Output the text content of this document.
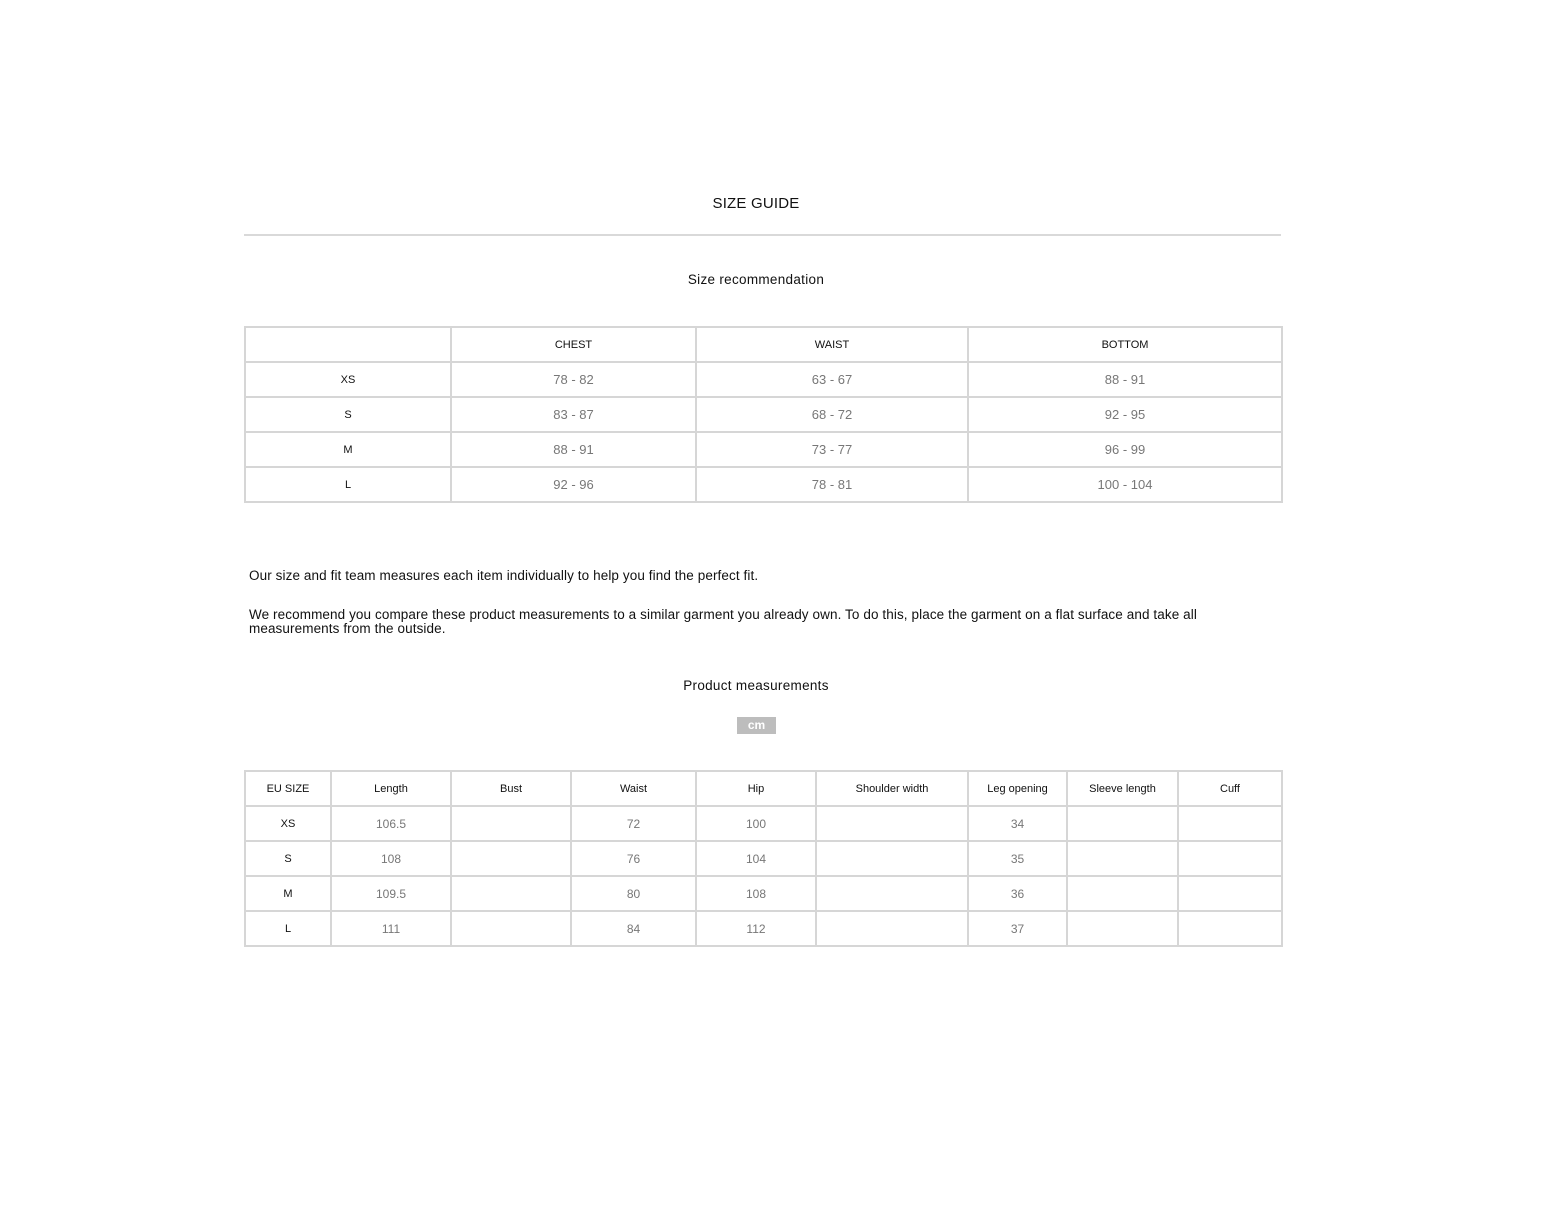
SIZE GUIDE
Size recommendation
	CHEST	WAIST	BOTTOM
XS	78 - 82	63 - 67	88 - 91
S	83 - 87	68 - 72	92 - 95
M	88 - 91	73 - 77	96 - 99
L	92 - 96	78 - 81	100 - 104
Our size and fit team measures each item individually to help you find the perfect fit.
We recommend you compare these product measurements to a similar garment you already own. To do this, place the garment on a flat surface and take all measurements from the outside.
Product measurements
cm
EU SIZE	Length	Bust	Waist	Hip	Shoulder width	Leg opening	Sleeve length	Cuff
XS	106.5		72	100		34		
S	108		76	104		35		
M	109.5		80	108		36		
L	111		84	112		37		
